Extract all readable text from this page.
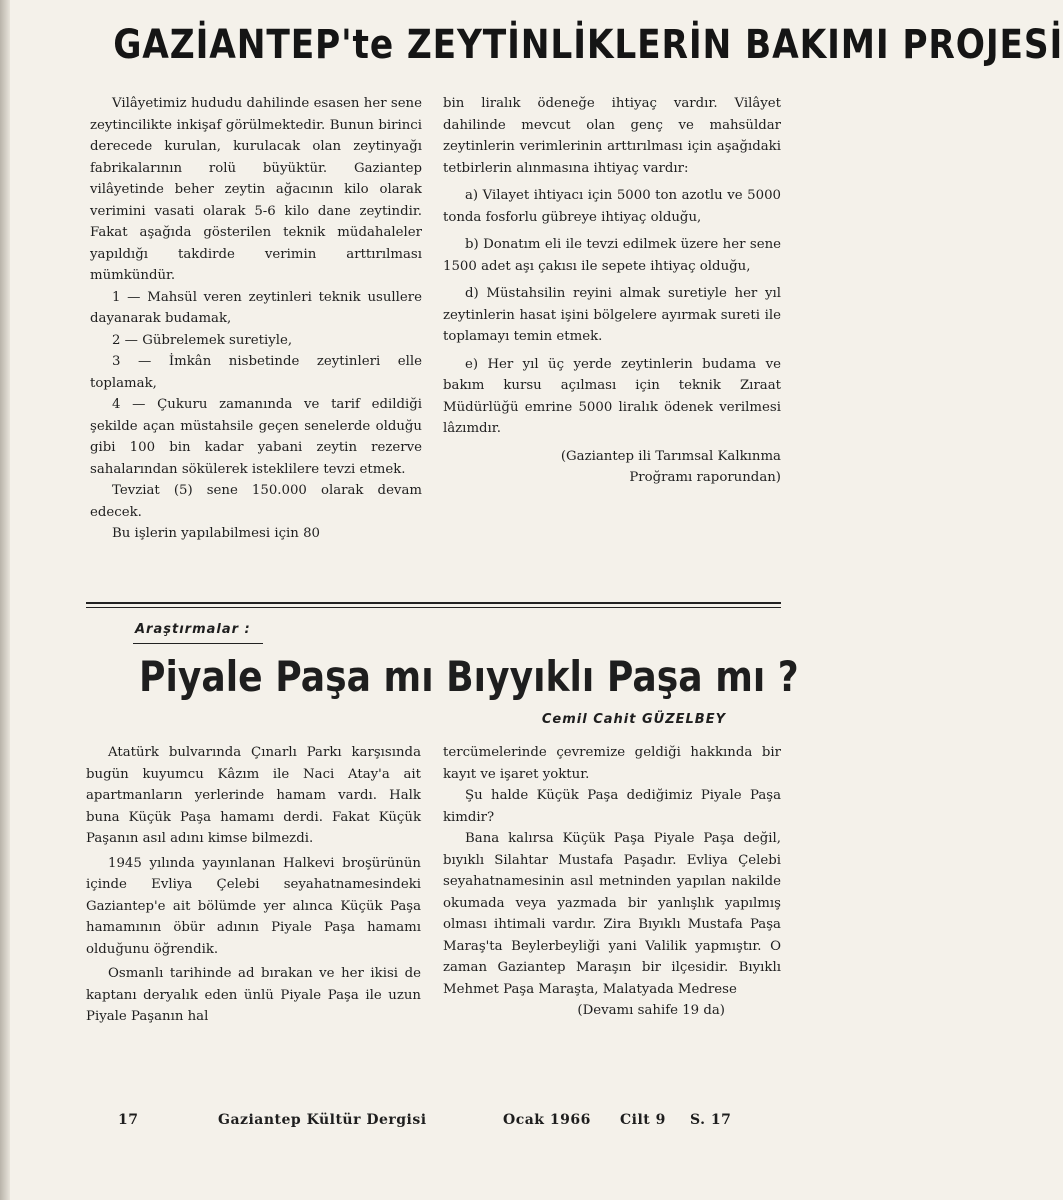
GAZİANTEP'te ZEYTİNLİKLERİN BAKIMI PROJESİ

Vilâyetimiz hududu dahilinde esasen her sene zeytincilikte inkişaf görülmektedir. Bunun birinci derecede kurulan, kurulacak olan zeytinyağı fabrikalarının rolü büyüktür. Gaziantep vilâyetinde beher zeytin ağacının kilo olarak verimini vasati olarak 5-6 kilo dane zeytindir. Fakat aşağıda gösterilen teknik müdahaleler yapıldığı takdirde verimin arttırılması mümkündür.

1 — Mahsül veren zeytinleri teknik usullere dayanarak budamak,

2 — Gübrelemek suretiyle,

3 — İmkân nisbetinde zeytinleri elle toplamak,

4 — Çukuru zamanında ve tarif edildiği şekilde açan müstahsile geçen senelerde olduğu gibi 100 bin kadar yabani zeytin rezerve sahalarından sökülerek isteklilere tevzi etmek.

Tevziat (5) sene 150.000 olarak devam edecek.

Bu işlerin yapılabilmesi için 80

bin liralık ödeneğe ihtiyaç vardır. Vilâyet dahilinde mevcut olan genç ve mahsüldar zeytinlerin verimlerinin arttırılması için aşağıdaki tetbirlerin alınmasına ihtiyaç vardır:

a) Vilayet ihtiyacı için 5000 ton azotlu ve 5000 tonda fosforlu gübreye ihtiyaç olduğu,

b) Donatım eli ile tevzi edilmek üzere her sene 1500 adet aşı çakısı ile sepete ihtiyaç olduğu,

d) Müstahsilin reyini almak suretiyle her yıl zeytinlerin hasat işini bölgelere ayırmak sureti ile toplamayı temin etmek.

e) Her yıl üç yerde zeytinlerin budama ve bakım kursu açılması için teknik Zıraat Müdürlüğü emrine 5000 liralık ödenek verilmesi lâzımdır.

(Gaziantep ili Tarımsal Kalkınma Proğramı raporundan)

Araştırmalar :
Piyale Paşa mı Bıyyıklı Paşa mı ?
Cemil Cahit GÜZELBEY

Atatürk bulvarında Çınarlı Parkı karşısında bugün kuyumcu Kâzım ile Naci Atay'a ait apartmanların yerlerinde hamam vardı. Halk buna Küçük Paşa hamamı derdi. Fakat Küçük Paşanın asıl adını kimse bilmezdi.

1945 yılında yayınlanan Halkevi broşürünün içinde Evliya Çelebi seyahatnamesindeki Gaziantep'e ait bölümde yer alınca Küçük Paşa hamamının öbür adının Piyale Paşa hamamı olduğunu öğrendik.

Osmanlı tarihinde ad bırakan ve her ikisi de kaptanı deryalık eden ünlü Piyale Paşa ile uzun Piyale Paşanın hal

tercümelerinde çevremize geldiği hakkında bir kayıt ve işaret yoktur.

Şu halde Küçük Paşa dediğimiz Piyale Paşa kimdir?

Bana kalırsa Küçük Paşa Piyale Paşa değil, bıyıklı Silahtar Mustafa Paşadır. Evliya Çelebi seyahatnamesinin asıl metninden yapılan nakilde okumada veya yazmada bir yanlışlık yapılmış olması ihtimali vardır. Zira Bıyıklı Mustafa Paşa Maraş'ta Beylerbeyliği yani Valilik yapmıştır. O zaman Gaziantep Maraşın bir ilçesidir. Bıyıklı Mehmet Paşa Maraşta, Malatyada Medrese

(Devamı sahife 19 da)

17	Gaziantep Kültür Dergisi	Ocak 1966 Cilt 9 S. 17
